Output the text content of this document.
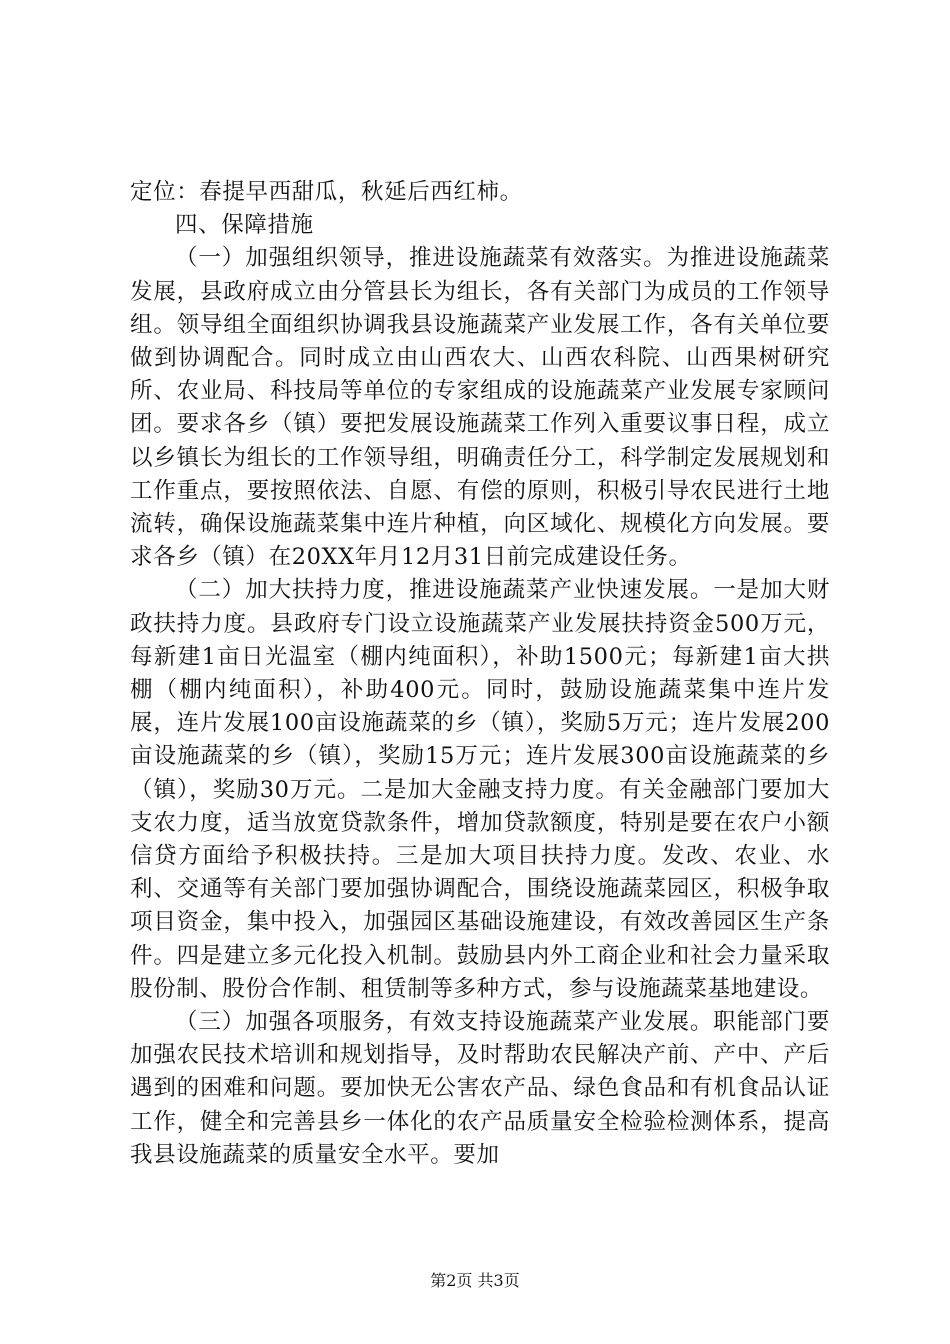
定位：春提早西甜瓜，秋延后西红柿。

四、保障措施

（一）加强组织领导，推进设施蔬菜有效落实。为推进设施蔬菜发展，县政府成立由分管县长为组长，各有关部门为成员的工作领导组。领导组全面组织协调我县设施蔬菜产业发展工作，各有关单位要做到协调配合。同时成立由山西农大、山西农科院、山西果树研究所、农业局、科技局等单位的专家组成的设施蔬菜产业发展专家顾问团。要求各乡（镇）要把发展设施蔬菜工作列入重要议事日程，成立以乡镇长为组长的工作领导组，明确责任分工，科学制定发展规划和工作重点，要按照依法、自愿、有偿的原则，积极引导农民进行土地流转，确保设施蔬菜集中连片种植，向区域化、规模化方向发展。要求各乡（镇）在20XX年月12月31日前完成建设任务。

（二）加大扶持力度，推进设施蔬菜产业快速发展。一是加大财政扶持力度。县政府专门设立设施蔬菜产业发展扶持资金500万元，每新建1亩日光温室（棚内纯面积），补助1500元；每新建1亩大拱棚（棚内纯面积），补助400元。同时，鼓励设施蔬菜集中连片发展，连片发展100亩设施蔬菜的乡（镇），奖励5万元；连片发展200亩设施蔬菜的乡（镇），奖励15万元；连片发展300亩设施蔬菜的乡（镇），奖励30万元。二是加大金融支持力度。有关金融部门要加大支农力度，适当放宽贷款条件，增加贷款额度，特别是要在农户小额信贷方面给予积极扶持。三是加大项目扶持力度。发改、农业、水利、交通等有关部门要加强协调配合，围绕设施蔬菜园区，积极争取项目资金，集中投入，加强园区基础设施建设，有效改善园区生产条件。四是建立多元化投入机制。鼓励县内外工商企业和社会力量采取股份制、股份合作制、租赁制等多种方式，参与设施蔬菜基地建设。

（三）加强各项服务，有效支持设施蔬菜产业发展。职能部门要加强农民技术培训和规划指导，及时帮助农民解决产前、产中、产后遇到的困难和问题。要加快无公害农产品、绿色食品和有机食品认证工作，健全和完善县乡一体化的农产品质量安全检验检测体系，提高我县设施蔬菜的质量安全水平。要加

第2页 共3页
